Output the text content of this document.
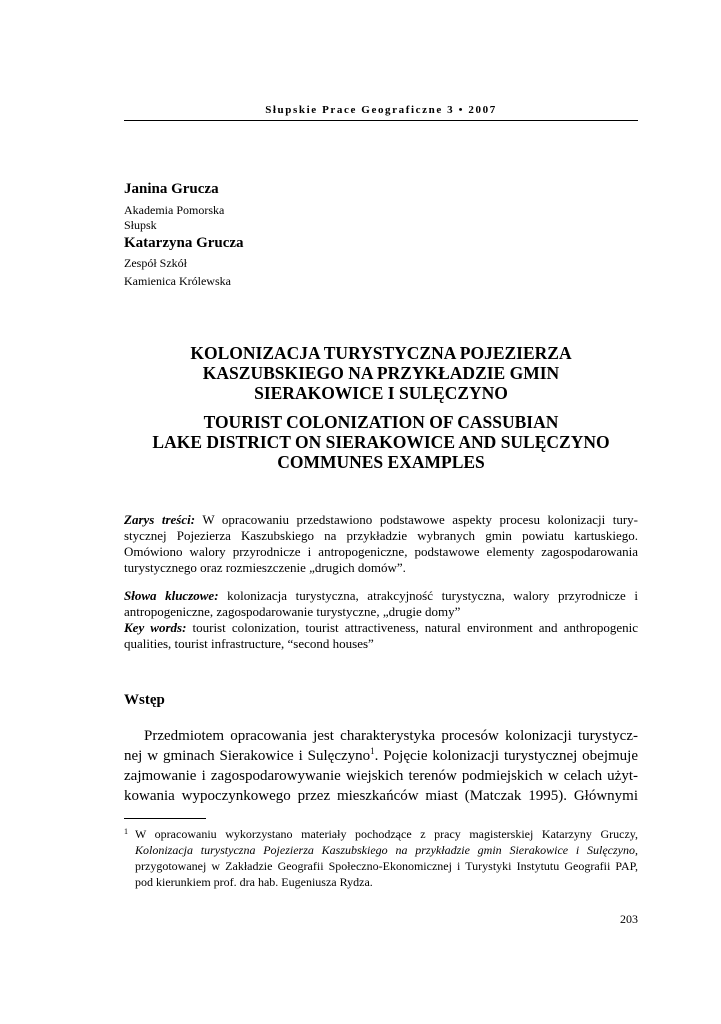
Słupskie Prace Geograficzne 3 • 2007
Janina Grucza
Akademia Pomorska
Słupsk
Katarzyna Grucza
Zespół Szkół
Kamienica Królewska
KOLONIZACJA TURYSTYCZNA POJEZIERZA
KASZUBSKIEGO NA PRZYKŁADZIE GMIN
SIERAKOWICE I SULĘCZYNO
TOURIST COLONIZATION OF CASSUBIAN
LAKE DISTRICT ON SIERAKOWICE AND SULĘCZYNO
COMMUNES EXAMPLES
Zarys treści: W opracowaniu przedstawiono podstawowe aspekty procesu kolonizacji tury-stycznej Pojezierza Kaszubskiego na przykładzie wybranych gmin powiatu kartuskiego. Omówiono walory przyrodnicze i antropogeniczne, podstawowe elementy zagospodarowania turystycznego oraz rozmieszczenie „drugich domów”.
Słowa kluczowe: kolonizacja turystyczna, atrakcyjność turystyczna, walory przyrodnicze i antropogeniczne, zagospodarowanie turystyczne, „drugie domy”
Key words: tourist colonization, tourist attractiveness, natural environment and anthropogenic qualities, tourist infrastructure, “second houses”
Wstęp
Przedmiotem opracowania jest charakterystyka procesów kolonizacji turystycz-nej w gminach Sierakowice i Sulęczyno$^1$. Pojęcie kolonizacji turystycznej obejmuje zajmowanie i zagospodarowywanie wiejskich terenów podmiejskich w celach użyt-kowania wypoczynkowego przez mieszkańców miast (Matczak 1995). Głównymi
1 W opracowaniu wykorzystano materiały pochodzące z pracy magisterskiej Katarzyny Gruczy, Kolonizacja turystyczna Pojezierza Kaszubskiego na przykładzie gmin Sierakowice i Sulęczyno, przygotowanej w Zakładzie Geografii Społeczno-Ekonomicznej i Turystyki Instytutu Geografii PAP, pod kierunkiem prof. dra hab. Eugeniusza Rydza.
203
